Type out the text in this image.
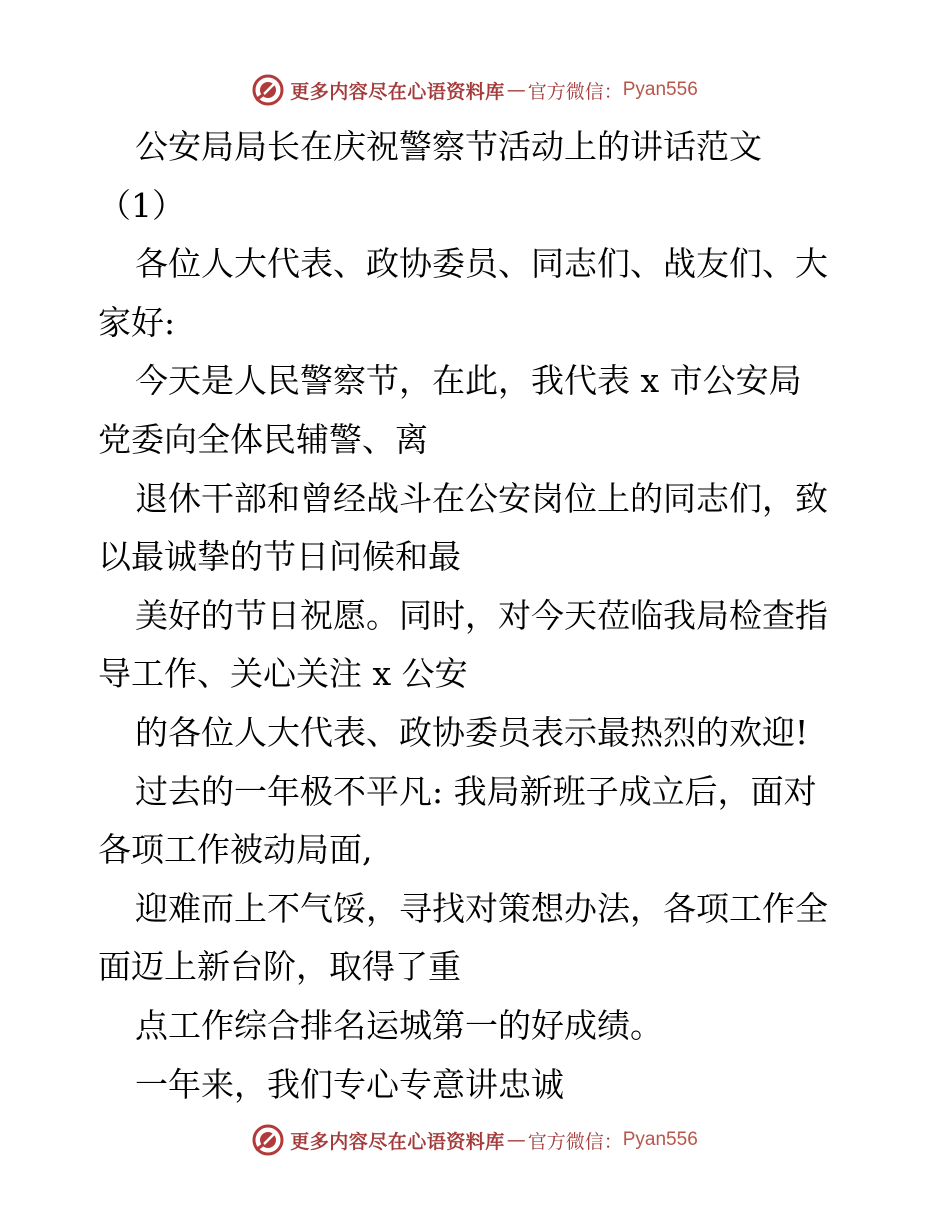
更多内容尽在心语资料库 — 官方微信： Pyan556
公安局局长在庆祝警察节活动上的讲话范文
（1）
各位人大代表、政协委员、同志们、战友们、大
家好:
今天是人民警察节，在此，我代表 x 市公安局
党委向全体民辅警、离
退休干部和曾经战斗在公安岗位上的同志们，致
以最诚挚的节日问候和最
美好的节日祝愿。同时，对今天莅临我局检查指
导工作、关心关注 x 公安
的各位人大代表、政协委员表示最热烈的欢迎!
过去的一年极不平凡: 我局新班子成立后，面对
各项工作被动局面,
迎难而上不气馁，寻找对策想办法，各项工作全
面迈上新台阶，取得了重
点工作综合排名运城第一的好成绩。
一年来，我们专心专意讲忠诚
更多内容尽在心语资料库 — 官方微信： Pyan556
